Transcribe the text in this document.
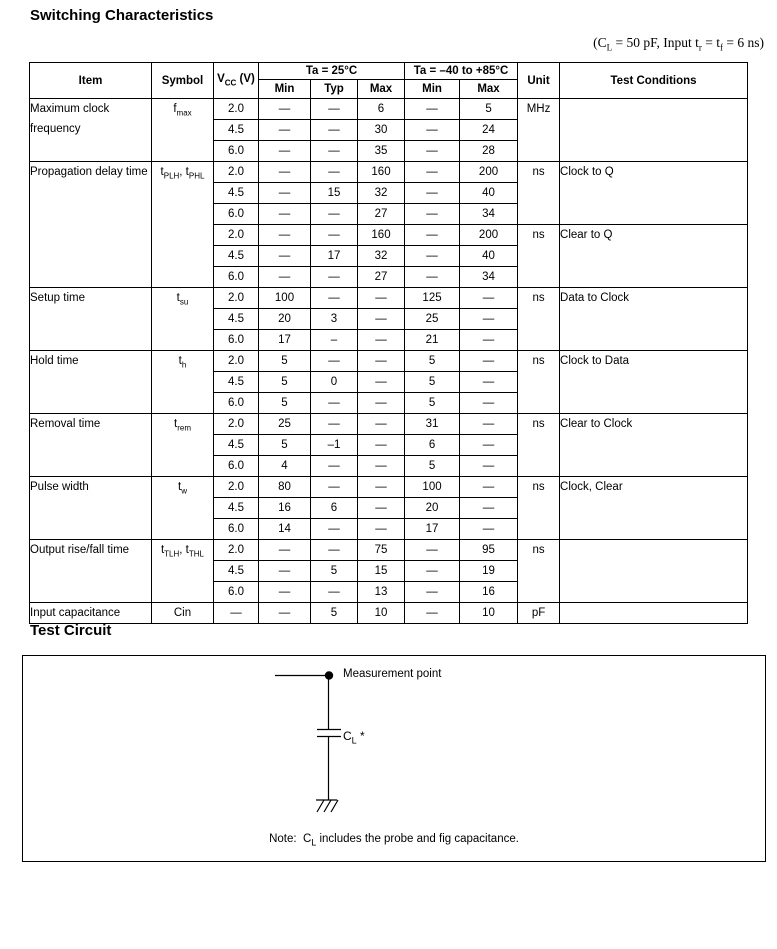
Switching Characteristics
($C_L = 50$ pF, Input $t_r = t_f = 6$ ns)
Item	Symbol	$V_{CC}$ (V)	Ta = 25°C			Ta = –40 to +85°C		Unit	Test Conditions
			Min	Typ	Max	Min	Max		
Maximum clock frequency	$f_{max}$	2.0	—	—	6	—	5	MHz	
		4.5	—	—	30	—	24		
		6.0	—	—	35	—	28		
Propagation delay time	$t_{PLH}$, $t_{PHL}$	2.0	—	—	160	—	200	ns	Clock to Q
		4.5	—	15	32	—	40		
		6.0	—	—	27	—	34		
		2.0	—	—	160	—	200	ns	Clear to Q
		4.5	—	17	32	—	40		
		6.0	—	—	27	—	34		
Setup time	$t_{su}$	2.0	100	—	—	125	—	ns	Data to Clock
		4.5	20	3	—	25	—		
		6.0	17	–	—	21	—		
Hold time	$t_h$	2.0	5	—	—	5	—	ns	Clock to Data
		4.5	5	0	—	5	—		
		6.0	5	—	—	5	—		
Removal time	$t_{rem}$	2.0	25	—	—	31	—	ns	Clear to Clock
		4.5	5	–1	—	6	—		
		6.0	4	—	—	5	—		
Pulse width	$t_w$	2.0	80	—	—	100	—	ns	Clock, Clear
		4.5	16	6	—	20	—		
		6.0	14	—	—	17	—		
Output rise/fall time	$t_{TLH}$, $t_{THL}$	2.0	—	—	75	—	95	ns	
		4.5	—	5	15	—	19		
		6.0	—	—	13	—	16		
Input capacitance	Cin	—	—	5	10	—	10	pF	
Test Circuit
Measurement point
$C_L$ *
Note:  $C_L$ includes the probe and fig capacitance.
